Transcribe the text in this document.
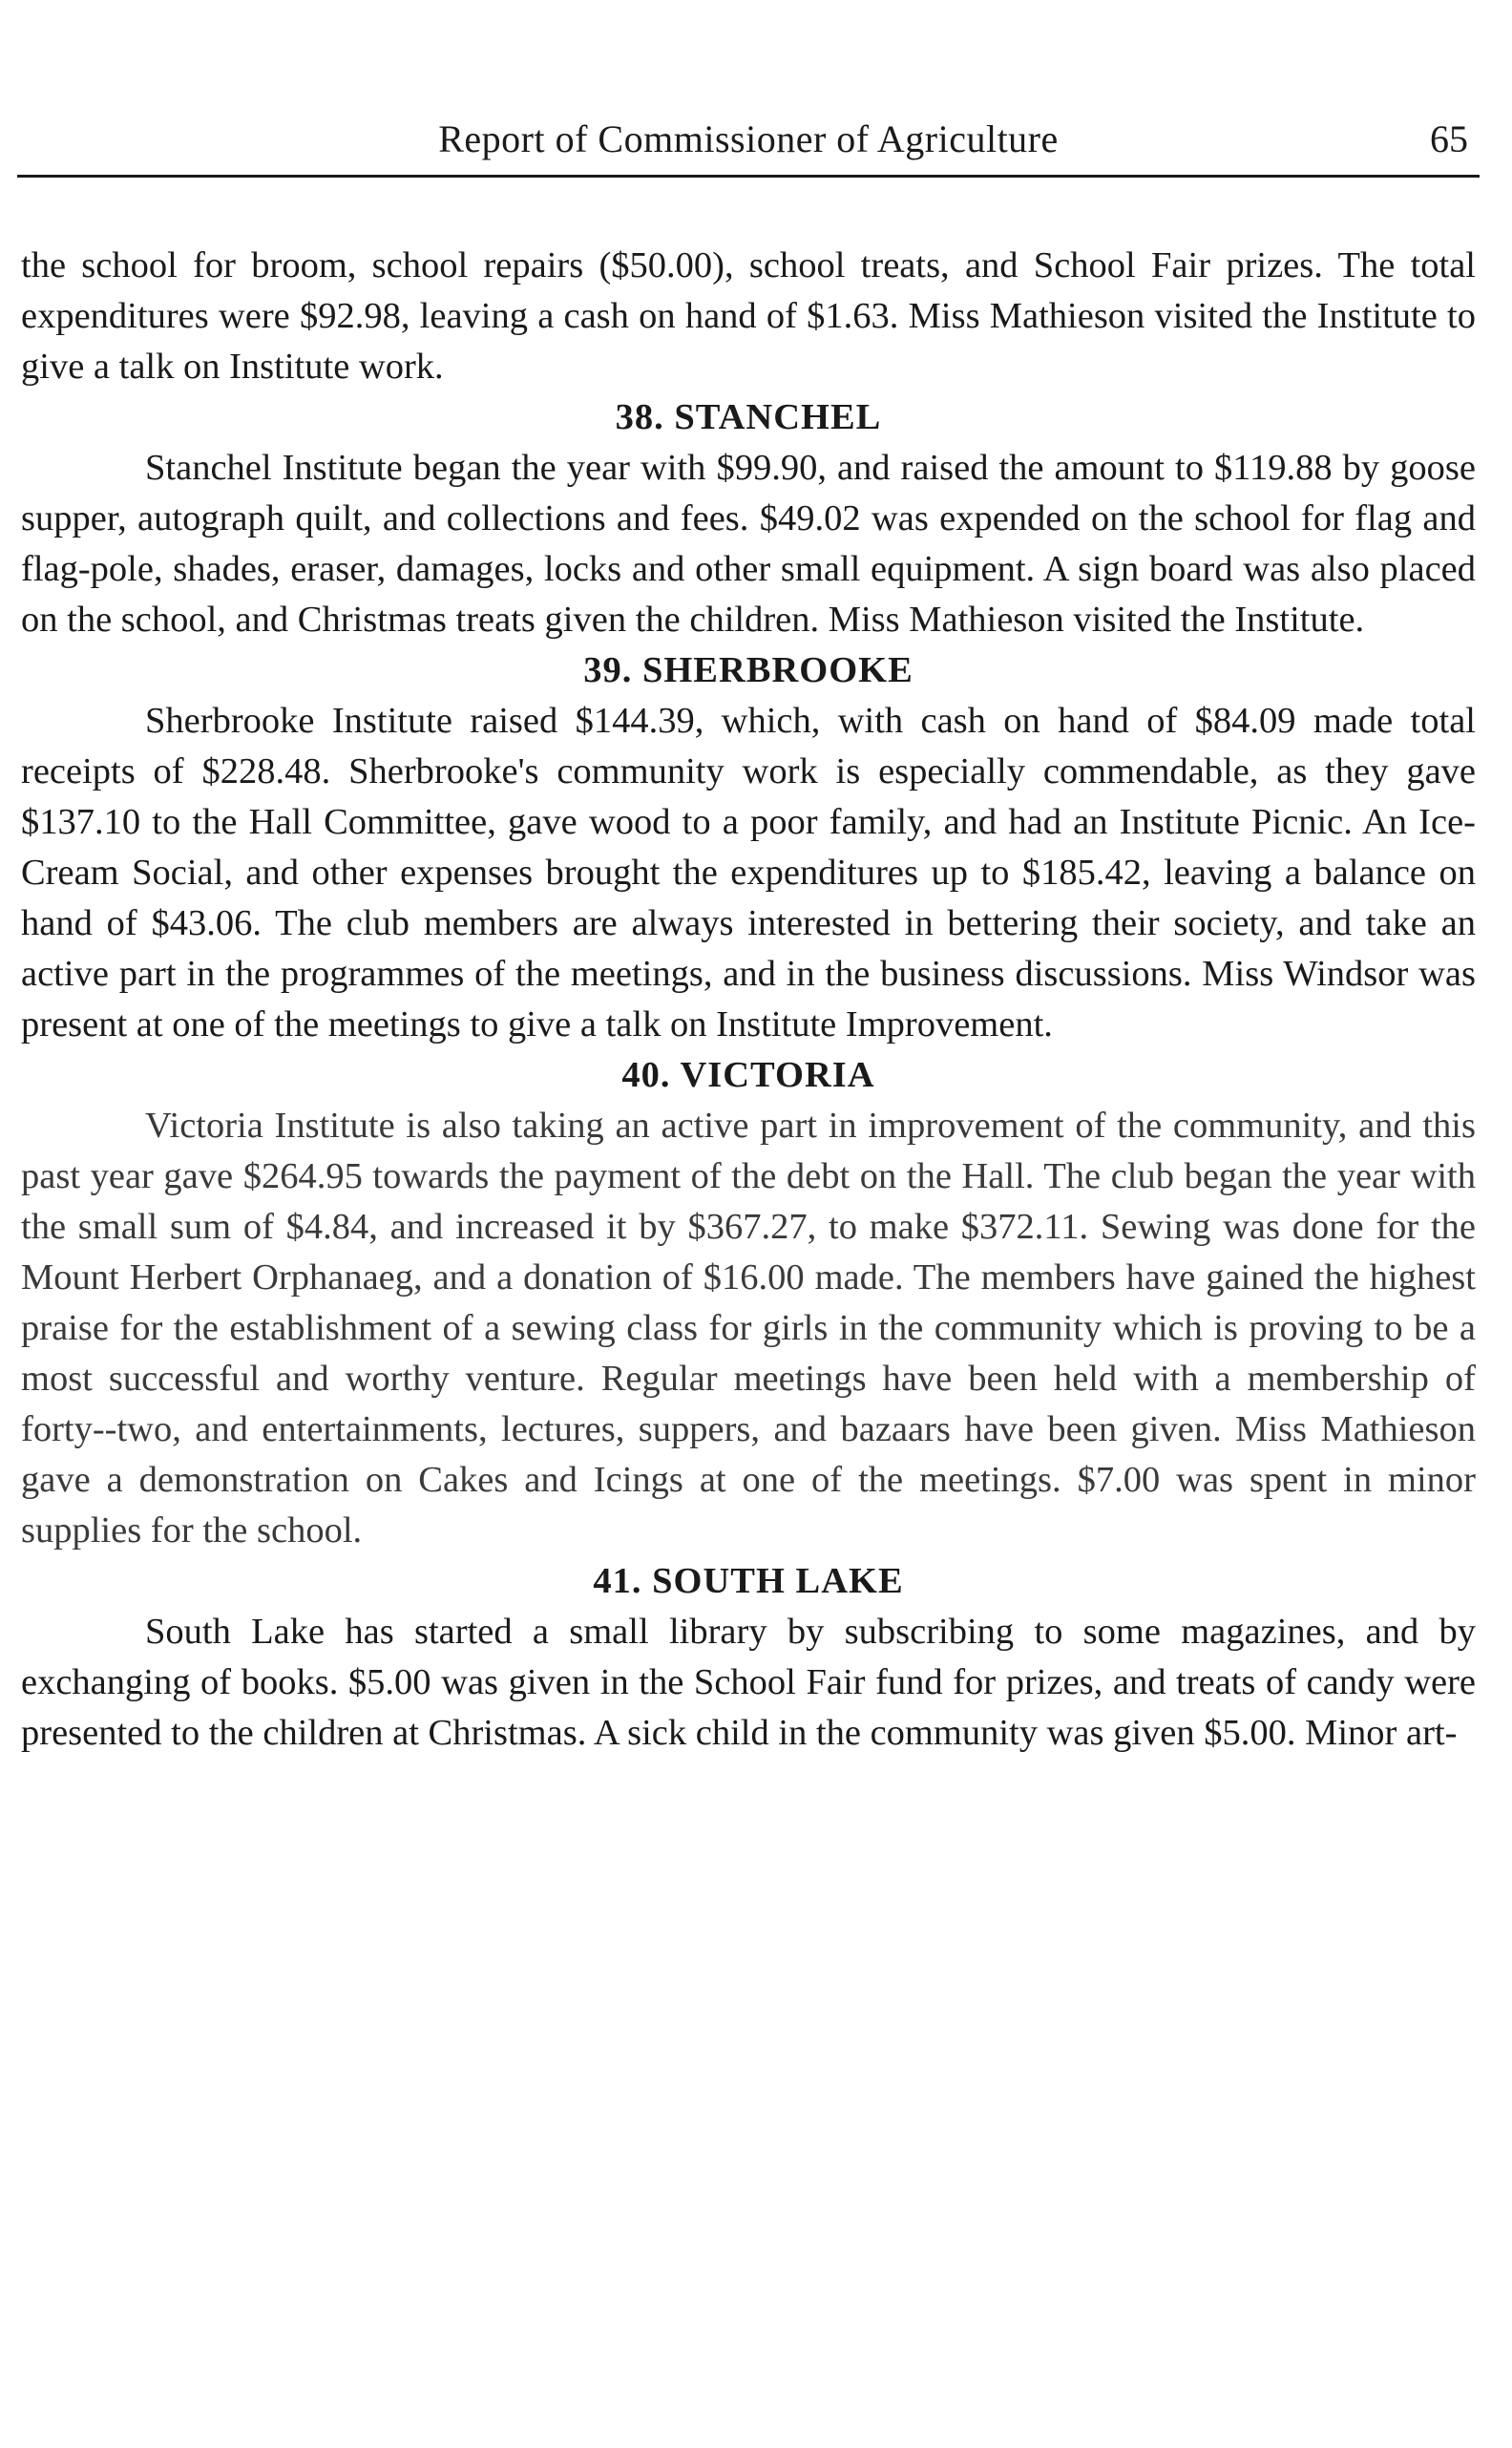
Report of Commissioner of Agriculture	65

the school for broom, school repairs ($50.00), school treats, and School Fair prizes. The total expenditures were $92.98, leaving a cash on hand of $1.63. Miss Mathieson visited the Institute to give a talk on Institute work.

38. STANCHEL

Stanchel Institute began the year with $99.90, and raised the amount to $119.88 by goose supper, autograph quilt, and collections and fees. $49.02 was expended on the school for flag and flag-pole, shades, eraser, damages, locks and other small equipment. A sign board was also placed on the school, and Christmas treats given the children. Miss Mathieson visited the Institute.

39. SHERBROOKE

Sherbrooke Institute raised $144.39, which, with cash on hand of $84.09 made total receipts of $228.48. Sherbrooke's community work is especially commendable, as they gave $137.10 to the Hall Committee, gave wood to a poor family, and had an Institute Picnic. An Ice-Cream Social, and other expenses brought the expenditures up to $185.42, leaving a balance on hand of $43.06. The club members are always interested in bettering their society, and take an active part in the programmes of the meetings, and in the business discussions. Miss Windsor was present at one of the meetings to give a talk on Institute Improvement.

40. VICTORIA

Victoria Institute is also taking an active part in improvement of the community, and this past year gave $264.95 towards the payment of the debt on the Hall. The club began the year with the small sum of $4.84, and increased it by $367.27, to make $372.11. Sewing was done for the Mount Herbert Orphanaeg, and a donation of $16.00 made. The members have gained the highest praise for the establishment of a sewing class for girls in the community which is proving to be a most successful and worthy venture. Regular meetings have been held with a membership of forty--two, and entertainments, lectures, suppers, and bazaars have been given. Miss Mathieson gave a demonstration on Cakes and Icings at one of the meetings. $7.00 was spent in minor supplies for the school.

41. SOUTH LAKE

South Lake has started a small library by subscribing to some magazines, and by exchanging of books. $5.00 was given in the School Fair fund for prizes, and treats of candy were presented to the children at Christmas. A sick child in the community was given $5.00. Minor art-
